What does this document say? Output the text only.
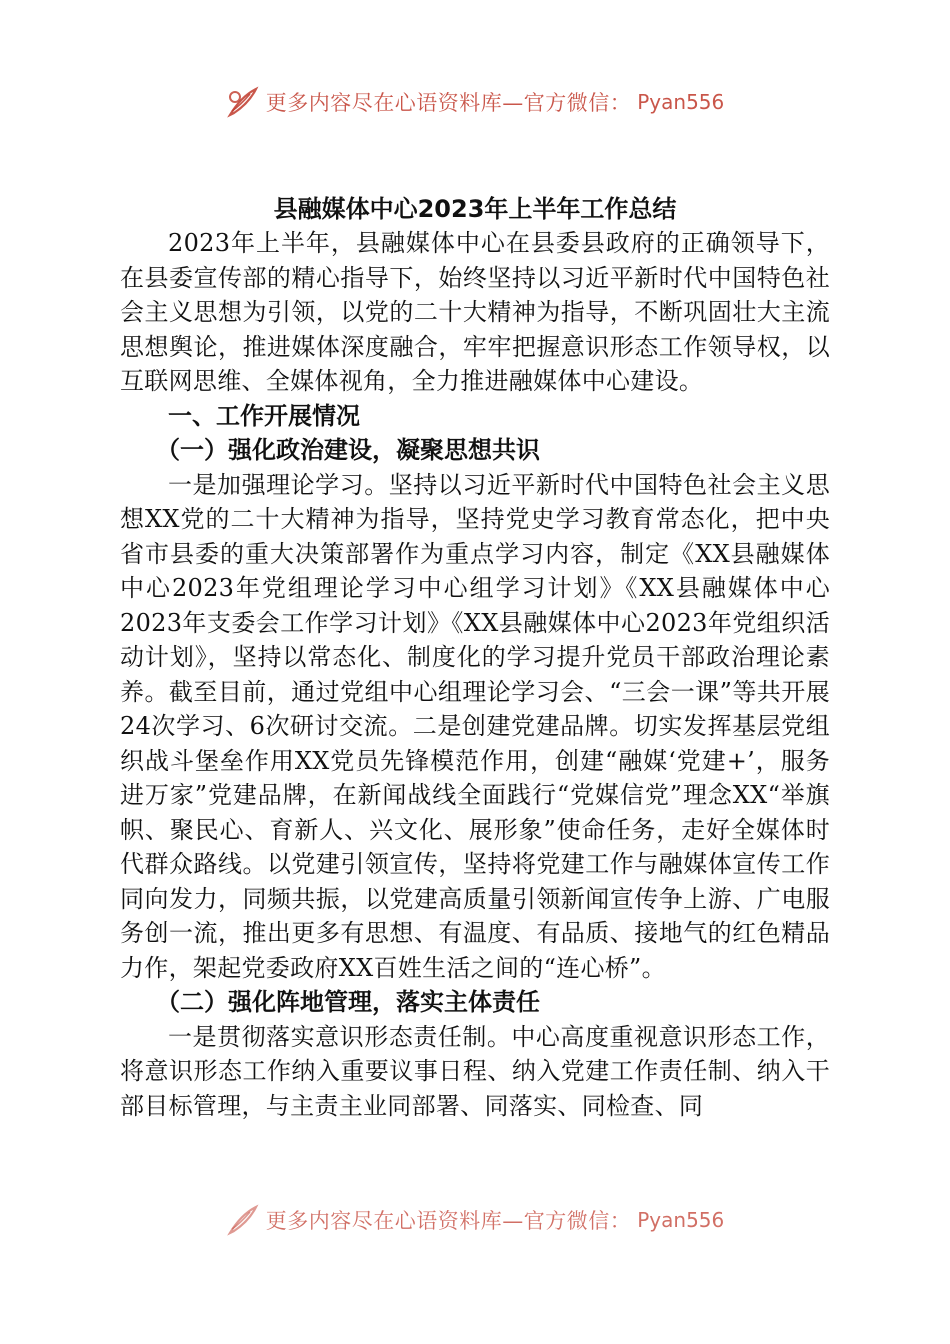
更多内容尽在心语资料库—官方微信： Pyan556
县融媒体中心2023年上半年工作总结

2023年上半年，县融媒体中心在县委县政府的正确领导下，在县委宣传部的精心指导下，始终坚持以习近平新时代中国特色社会主义思想为引领，以党的二十大精神为指导，不断巩固壮大主流思想舆论，推进媒体深度融合，牢牢把握意识形态工作领导权，以互联网思维、全媒体视角，全力推进融媒体中心建设。

一、工作开展情况

（一）强化政治建设，凝聚思想共识

一是加强理论学习。坚持以习近平新时代中国特色社会主义思想XX党的二十大精神为指导，坚持党史学习教育常态化，把中央省市县委的重大决策部署作为重点学习内容，制定《XX县融媒体中心2023年党组理论学习中心组学习计划》《XX县融媒体中心2023年支委会工作学习计划》《XX县融媒体中心2023年党组织活动计划》，坚持以常态化、制度化的学习提升党员干部政治理论素养。截至目前，通过党组中心组理论学习会、“三会一课”等共开展24次学习、6次研讨交流。二是创建党建品牌。切实发挥基层党组织战斗堡垒作用XX党员先锋模范作用，创建“融媒‘党建+’，服务进万家”党建品牌，在新闻战线全面践行“党媒信党”理念XX“举旗帜、聚民心、育新人、兴文化、展形象”使命任务，走好全媒体时代群众路线。以党建引领宣传，坚持将党建工作与融媒体宣传工作同向发力，同频共振，以党建高质量引领新闻宣传争上游、广电服务创一流，推出更多有思想、有温度、有品质、接地气的红色精品力作，架起党委政府XX百姓生活之间的“连心桥”。

（二）强化阵地管理，落实主体责任

一是贯彻落实意识形态责任制。中心高度重视意识形态工作，将意识形态工作纳入重要议事日程、纳入党建工作责任制、纳入干部目标管理，与主责主业同部署、同落实、同检查、同

更多内容尽在心语资料库—官方微信： Pyan556
